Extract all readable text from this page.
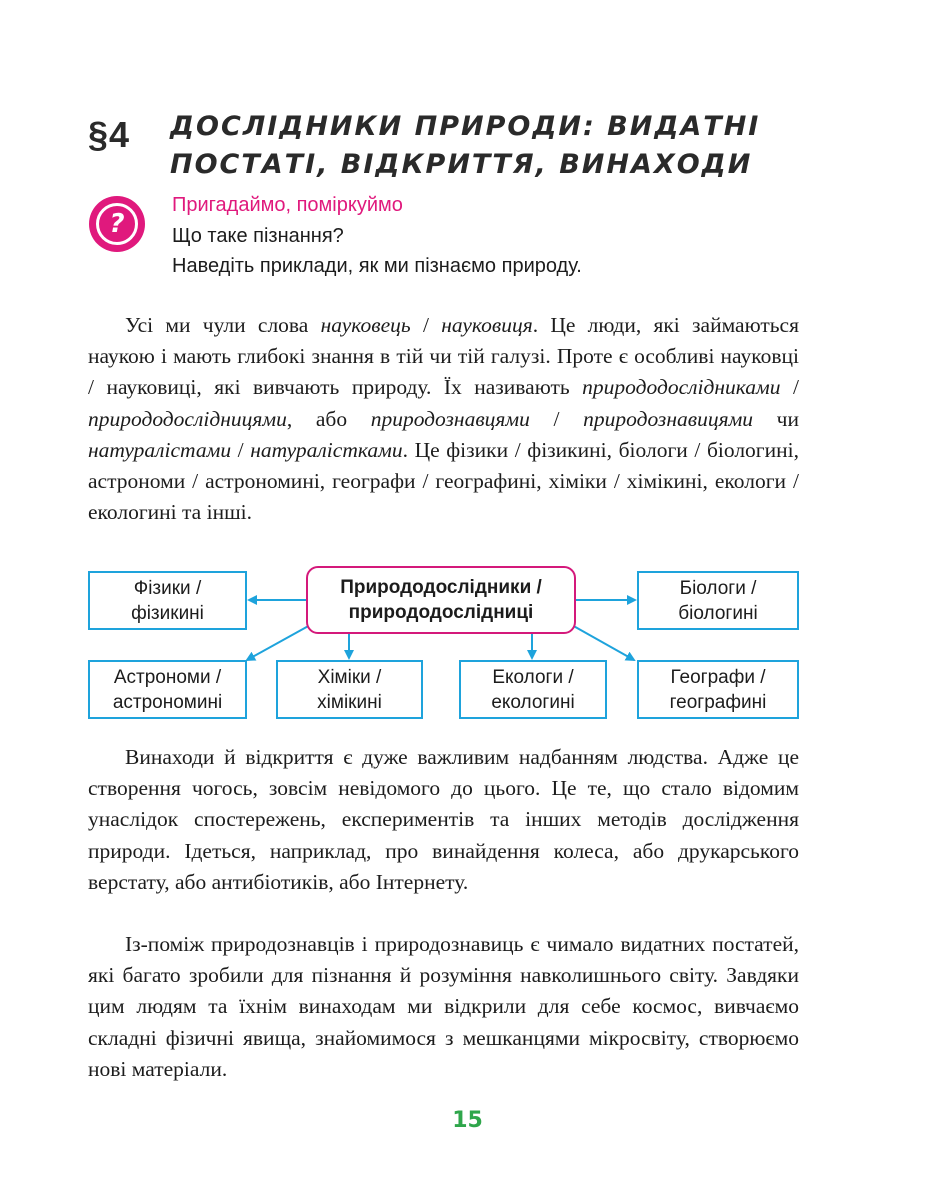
§4 ДОСЛІДНИКИ ПРИРОДИ: ВИДАТНІ
ПОСТАТІ, ВІДКРИТТЯ, ВИНАХОДИ
?
Пригадаймо, поміркуймо
Що таке пізнання?
Наведіть приклади, як ми пізнаємо природу.

Усі ми чули слова науковець / науковиця. Це люди, які займаються наукою і мають глибокі знання в тій чи тій галузі. Проте є особливі науковці / науковиці, які вивчають природу. Їх називають природодослідниками / природодослідницями, або природознавцями / природознавицями чи натуралістами / натуралістками. Це фізики / фізикині, біологи / біологині, астрономи / астрономині, географи / географині, хіміки / хімікині, екологи / екологині та інші.

Природодослідники /
природодослідниці
Фізики /
фізикині
Біологи /
біологині
Астрономи /
астрономині
Хіміки /
хімікині
Екологи /
екологині
Географи /
географині

Винаходи й відкриття є дуже важливим надбанням людства. Адже це створення чогось, зовсім невідомого до цього. Це те, що стало відомим унаслідок спостережень, експериментів та інших методів дослідження природи. Ідеться, наприклад, про винайдення колеса, або друкарського верстату, або антибіотиків, або Інтернету.

Із-поміж природознавців і природознавиць є чимало видатних постатей, які багато зробили для пізнання й розуміння навколишнього світу. Завдяки цим людям та їхнім винаходам ми відкрили для себе космос, вивчаємо складні фізичні явища, знайомимося з мешканцями мікросвіту, створюємо нові матеріали.

15
